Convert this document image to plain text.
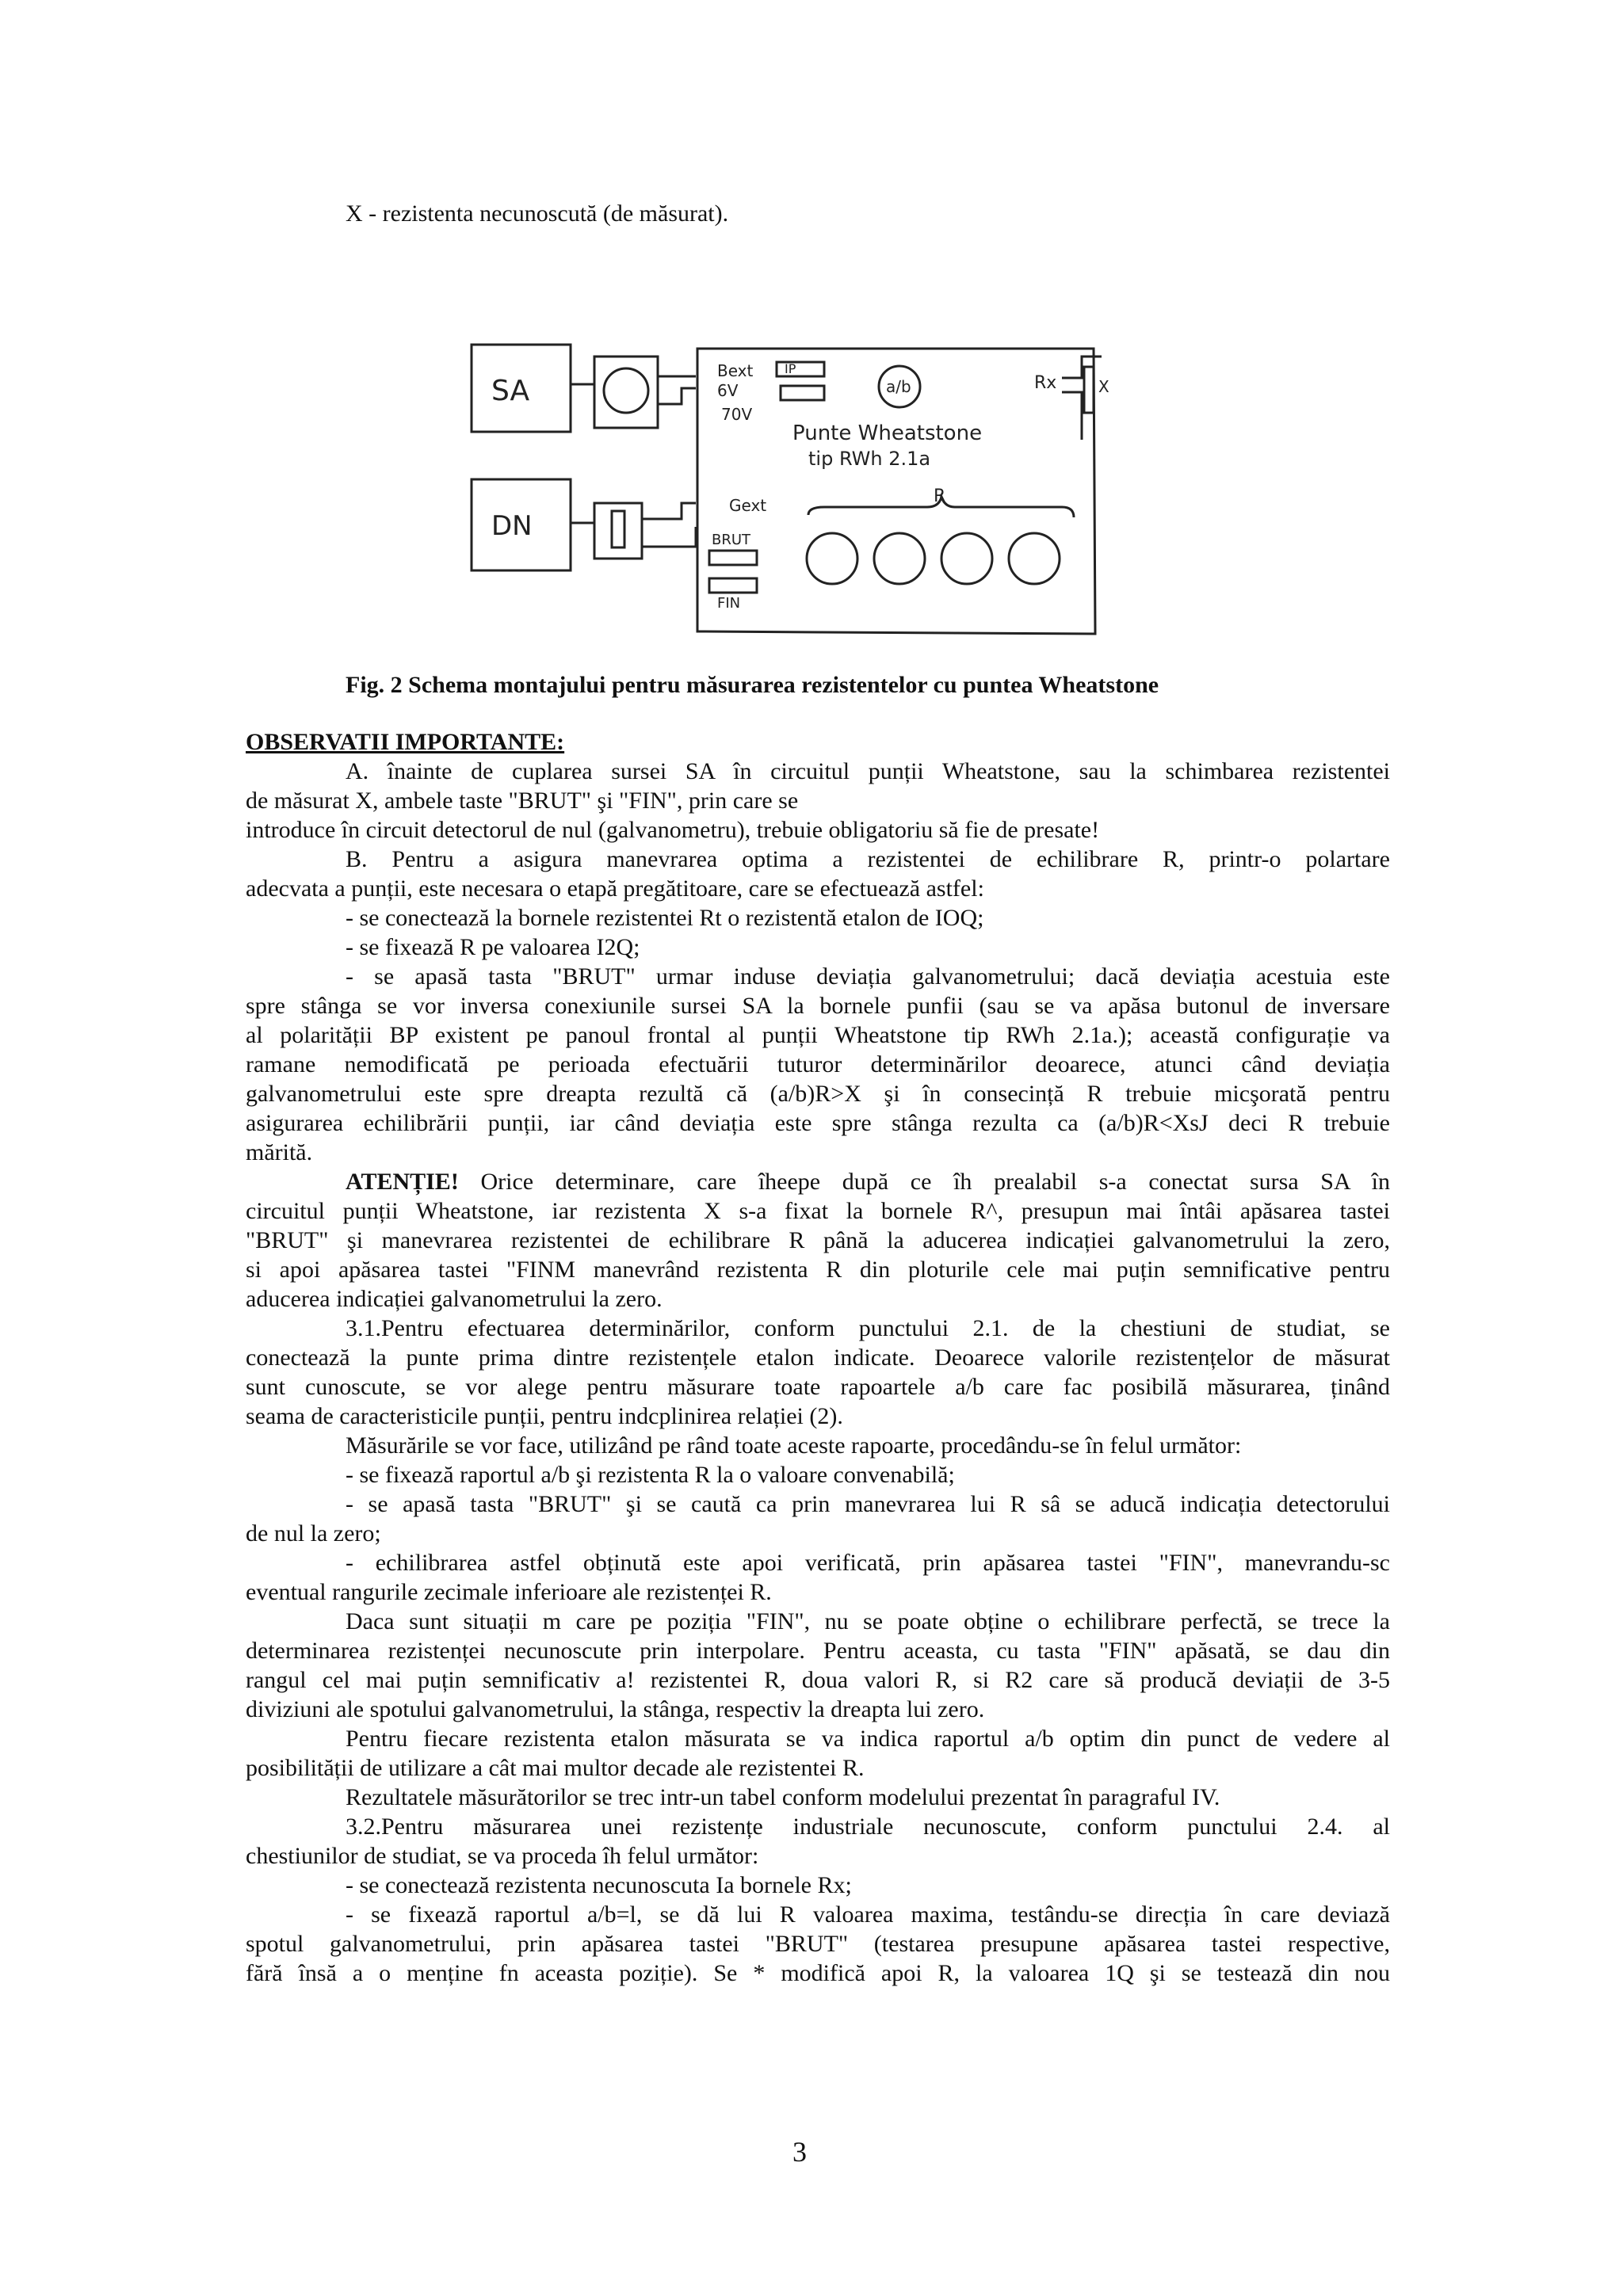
X - rezistenta necunoscută (de măsurat).
SA
DN
Bext
6V
70V
IP
a/b	Rx	X
Punte Wheatstone
tip RWh 2.1a
Gext	R
BRUT
FIN
Fig. 2 Schema montajului pentru măsurarea rezistentelor cu puntea Wheatstone
OBSERVATII IMPORTANTE:
A. înainte de cuplarea sursei SA în circuitul punții Wheatstone, sau la schimbarea rezistentei
de măsurat X, ambele taste "BRUT" şi "FIN", prin care se
introduce în circuit detectorul de nul (galvanometru), trebuie obligatoriu să fie de presate!
B. Pentru a asigura manevrarea optima a rezistentei de echilibrare R, printr-o polartare
adecvata a punții, este necesara o etapă pregătitoare, care se efectuează astfel:
- se conectează la bornele rezistentei Rt o rezistentă etalon de IOQ;
- se fixează R pe valoarea I2Q;
- se apasă tasta "BRUT" urmar induse deviația galvanometrului; dacă deviația acestuia este
spre stânga se vor inversa conexiunile sursei SA la bornele punfii (sau se va apăsa butonul de inversare
al polarității BP existent pe panoul frontal al punții Wheatstone tip RWh 2.1a.); această configurație va
ramane nemodificată pe perioada efectuării tuturor determinărilor deoarece, atunci când deviația
galvanometrului este spre dreapta rezultă că (a/b)R>X şi în consecință R trebuie micşorată pentru
asigurarea echilibrării punții, iar când deviația este spre stânga rezulta ca (a/b)R<XsJ deci R trebuie
mărită.
ATENȚIE! Orice determinare, care îheepe după ce îh prealabil s-a conectat sursa SA în
circuitul punții Wheatstone, iar rezistenta X s-a fixat la bornele R^, presupun mai întâi apăsarea tastei
"BRUT" şi manevrarea rezistentei de echilibrare R până la aducerea indicației galvanometrului la zero,
si apoi apăsarea tastei "FINM manevrând rezistenta R din ploturile cele mai puțin semnificative pentru
aducerea indicației galvanometrului la zero.
3.1.Pentru efectuarea determinărilor, conform punctului 2.1. de la chestiuni de studiat, se
conectează la punte prima dintre rezistențele etalon indicate. Deoarece valorile rezistențelor de măsurat
sunt cunoscute, se vor alege pentru măsurare toate rapoartele a/b care fac posibilă măsurarea, ținând
seama de caracteristicile punții, pentru indcplinirea relației (2).
Măsurările se vor face, utilizând pe rând toate aceste rapoarte, procedându-se în felul următor:
- se fixează raportul a/b şi rezistenta R la o valoare convenabilă;
- se apasă tasta "BRUT" şi se caută ca prin manevrarea lui R sâ se aducă indicația detectorului
de nul la zero;
- echilibrarea astfel obținută este apoi verificată, prin apăsarea tastei "FIN", manevrandu-sc
eventual rangurile zecimale inferioare ale rezistenței R.
Daca sunt situații m care pe poziția "FIN", nu se poate obține o echilibrare perfectă, se trece la
determinarea rezistenței necunoscute prin interpolare. Pentru aceasta, cu tasta "FIN" apăsată, se dau din
rangul cel mai puțin semnificativ a! rezistentei R, doua valori R, si R2 care să producă deviații de 3-5
diviziuni ale spotului galvanometrului, la stânga, respectiv la dreapta lui zero.
Pentru fiecare rezistenta etalon măsurata se va indica raportul a/b optim din punct de vedere al
posibilității de utilizare a cât mai multor decade ale rezistentei R.
Rezultatele măsurătorilor se trec intr-un tabel conform modelului prezentat în paragraful IV.
3.2.Pentru măsurarea unei rezistențe industriale necunoscute, conform punctului 2.4. al
chestiunilor de studiat, se va proceda îh felul următor:
- se conectează rezistenta necunoscuta Ia bornele Rx;
- se fixează raportul a/b=l, se dă lui R valoarea maxima, testându-se direcția în care deviază
spotul galvanometrului, prin apăsarea tastei "BRUT" (testarea presupune apăsarea tastei respective,
fără însă a o menține fn aceasta poziție). Se * modifică apoi R, la valoarea 1Q şi se testează din nou
3
